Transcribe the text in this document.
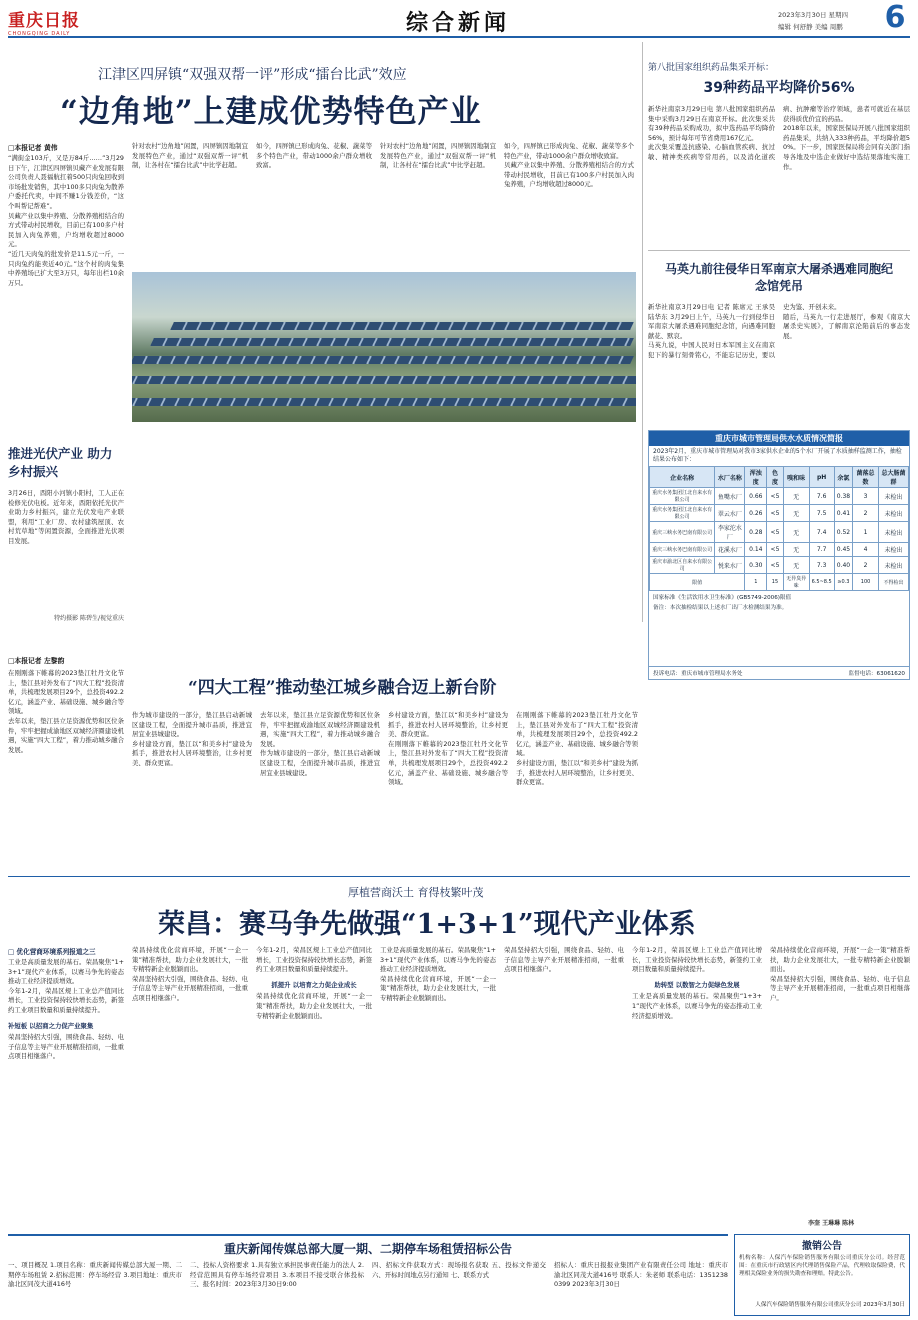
重庆日报
CHONGQING DAILY	综合新闻	2023年3月30日 星期四
编辑 何舒静 美编 周鹏 6
江津区四屏镇“双强双帮一评”形成“擂台比武”效应
“边角地”上建成优势特色产业
□本报记者 黄伟

“满街金103斤，又是万84斤……”3月29日下午，江津区四屏镇贝藏产业发展有限公司负责人聂福航扛着500只肉兔回收到市场批发销售，其中100多只肉兔为散养户委托代卖，中间不赚1分钱差价，“这个叫帮记帮难”。

贝藏产业以集中养殖、分散养殖相结合的方式带动村民增收，目前已有100多户村民加入肉兔养殖，户均增收超过8000元。

“近几天肉兔的批发价是11.5元一斤，一只肉兔约能卖近40元。”这个村的肉兔集中养殖场已扩大至3万只，每年出栏10余万只。

针对农村“边角地”闲置，四屏镇因地制宜发展特色产业，通过“双强双帮一评”机制，让各村在“擂台比武”中比学赶超。

如今，四屏镇已形成肉兔、花椒、蔬菜等多个特色产业，带动1000余户群众增收致富。

针对农村“边角地”闲置，四屏镇因地制宜发展特色产业，通过“双强双帮一评”机制，让各村在“擂台比武”中比学赶超。

如今，四屏镇已形成肉兔、花椒、蔬菜等多个特色产业，带动1000余户群众增收致富。

贝藏产业以集中养殖、分散养殖相结合的方式带动村民增收，目前已有100多户村民加入肉兔养殖，户均增收超过8000元。

推进光伏产业 助力乡村振兴
3月26日，酉阳小河镇小阳村，工人正在检修光伏电板。近年来，酉阳依托光伏产业助力乡村振兴，建立光伏发电产业联盟，利用“工业厂房、农村建筑屋顶、农村荒草地”等闲置资源，全面推进光伏项目发展。
特约摄影 陈碧生/视觉重庆
第八批国家组织药品集采开标：
39种药品平均降价56%

新华社南京3月29日电 第八批国家组织药品集中采购3月29日在南京开标。此次集采共有39种药品采购成功，拟中选药品平均降价56%，预计每年可节省费用167亿元。

此次集采覆盖抗感染、心脑血管疾病、抗过敏、精神类疾病等常用药，以及消化道疾病、抗肿瘤等治疗领域，患者可就近在基层获得质优价宜的药品。

2018年以来，国家医保局开展八批国家组织药品集采，共纳入333种药品，平均降价超50%。下一步，国家医保局将会同有关部门指导各地及中选企业做好中选结果落地实施工作。

马英九前往侵华日军南京大屠杀遇难同胞纪念馆凭吊

新华社南京3月29日电 记者 陈席元 王承昊 陆华东 3月29日上午，马英九一行到侵华日军南京大屠杀遇难同胞纪念馆，向遇难同胞献花、默哀。

马英九说，中国人民对日本军国主义在南京犯下的暴行刻骨铭心，不能忘记历史，要以史为鉴、开创未来。

随后，马英九一行走进展厅，参观《南京大屠杀史实展》，了解南京沦陷前后的事态发展。

重庆市城市管理局供水水质情况简报
2023年2月，重庆市城市管理局对我市3家供水企业的5个水厂开展了水质抽样监测工作，抽检结果公布如下：
企业名称	水厂名称	浑浊度	色度	嗅和味	pH	余氯	菌落总数	总大肠菌群
重庆水务集团江北自来水有限公司	鱼嘴水厂	0.66	<5	无	7.6	0.38	3	未检出
重庆水务集团江北自来水有限公司	翠云水厂	0.26	<5	无	7.5	0.41	2	未检出
重庆三峡水务巴南有限公司	李家沱水厂	0.28	<5	无	7.4	0.52	1	未检出
重庆三峡水务巴南有限公司	花溪水厂	0.14	<5	无	7.7	0.45	4	未检出
重庆市渝北区自来水有限公司	悦来水厂	0.30	<5	无	7.3	0.40	2	未检出
限值		1	15	无异臭异味	6.5~8.5	≥0.3	100	不得检出
国家标准《生活饮用水卫生标准》(GB5749-2006)限值
备注：本次抽检结果以上述水厂出厂水检测结果为准。
投诉电话：重庆市城市管理局水务处	监督电话：63061620
□本报记者 左黎韵
“四大工程”推动垫江城乡融合迈上新台阶

在刚刚落下帷幕的2023垫江牡丹文化节上，垫江县对外发布了“四大工程”投资清单，共梳理发展项目29个，总投资492.2亿元，涵盖产业、基础设施、城乡融合等领域。

去年以来，垫江县立足资源优势和区位条件，牢牢把握成渝地区双城经济圈建设机遇，实施“四大工程”，着力推动城乡融合发展。

作为城市建设的一部分，垫江县启动新城区建设工程，全面提升城市品质，推进宜居宜业县城建设。

乡村建设方面，垫江以“和美乡村”建设为抓手，推进农村人居环境整治，让乡村更美、群众更富。

去年以来，垫江县立足资源优势和区位条件，牢牢把握成渝地区双城经济圈建设机遇，实施“四大工程”，着力推动城乡融合发展。

作为城市建设的一部分，垫江县启动新城区建设工程，全面提升城市品质，推进宜居宜业县城建设。

乡村建设方面，垫江以“和美乡村”建设为抓手，推进农村人居环境整治，让乡村更美、群众更富。

在刚刚落下帷幕的2023垫江牡丹文化节上，垫江县对外发布了“四大工程”投资清单，共梳理发展项目29个，总投资492.2亿元，涵盖产业、基础设施、城乡融合等领域。

在刚刚落下帷幕的2023垫江牡丹文化节上，垫江县对外发布了“四大工程”投资清单，共梳理发展项目29个，总投资492.2亿元，涵盖产业、基础设施、城乡融合等领域。

乡村建设方面，垫江以“和美乡村”建设为抓手，推进农村人居环境整治，让乡村更美、群众更富。

厚植营商沃土 育得枝繁叶茂
荣昌：赛马争先做强“1+3+1”现代产业体系
□ 优化营商环境系列报道之三

工业是高质量发展的基石。荣昌聚焦“1+3+1”现代产业体系，以赛马争先的姿态推动工业经济提质增效。

今年1-2月，荣昌区规上工业总产值同比增长，工业投资保持较快增长态势，新签约工业项目数量和质量持续提升。

补短板 以招商之力促产业聚集

荣昌坚持招大引强，围绕食品、轻纺、电子信息等主导产业开展精准招商，一批重点项目相继落户。

荣昌持续优化营商环境，开展“一企一策”精准帮扶，助力企业发展壮大，一批专精特新企业脱颖而出。

荣昌坚持招大引强，围绕食品、轻纺、电子信息等主导产业开展精准招商，一批重点项目相继落户。

今年1-2月，荣昌区规上工业总产值同比增长，工业投资保持较快增长态势，新签约工业项目数量和质量持续提升。

抓提升 以培育之力促企业成长

荣昌持续优化营商环境，开展“一企一策”精准帮扶，助力企业发展壮大，一批专精特新企业脱颖而出。

工业是高质量发展的基石。荣昌聚焦“1+3+1”现代产业体系，以赛马争先的姿态推动工业经济提质增效。

荣昌持续优化营商环境，开展“一企一策”精准帮扶，助力企业发展壮大，一批专精特新企业脱颖而出。

荣昌坚持招大引强，围绕食品、轻纺、电子信息等主导产业开展精准招商，一批重点项目相继落户。

今年1-2月，荣昌区规上工业总产值同比增长，工业投资保持较快增长态势，新签约工业项目数量和质量持续提升。

助转型 以数智之力促绿色发展

工业是高质量发展的基石。荣昌聚焦“1+3+1”现代产业体系，以赛马争先的姿态推动工业经济提质增效。

荣昌持续优化营商环境，开展“一企一策”精准帮扶，助力企业发展壮大，一批专精特新企业脱颖而出。

荣昌坚持招大引强，围绕食品、轻纺、电子信息等主导产业开展精准招商，一批重点项目相继落户。

李奎 王琳琳 陈林
重庆新闻传媒总部大厦一期、二期停车场租赁招标公告
一、项目概况 1.项目名称：重庆新闻传媒总部大厦一期、二期停车场租赁 2.招标范围：停车场经营 3.项目地址：重庆市渝北区同茂大道416号
二、投标人资格要求 1.具有独立承担民事责任能力的法人 2.经营范围具有停车场经营项目 3.本项目不接受联合体投标 三、报名时间：2023年3月30日9:00
四、招标文件获取方式：现场报名获取 五、投标文件递交 六、开标时间地点另行通知 七、联系方式
招标人：重庆日报报业集团产业有限责任公司 地址：重庆市渝北区同茂大道416号 联系人：朱老师 联系电话：13512380399 2023年3月30日
撤销公告
机构名称：人保汽车保险销售服务有限公司重庆分公司。经营范围：在重庆市行政辖区内代理销售保险产品，代理收取保险费，代理相关保险业务的损失勘查和理赔。特此公告。
人保汽车保险销售服务有限公司重庆分公司 2023年3月30日
